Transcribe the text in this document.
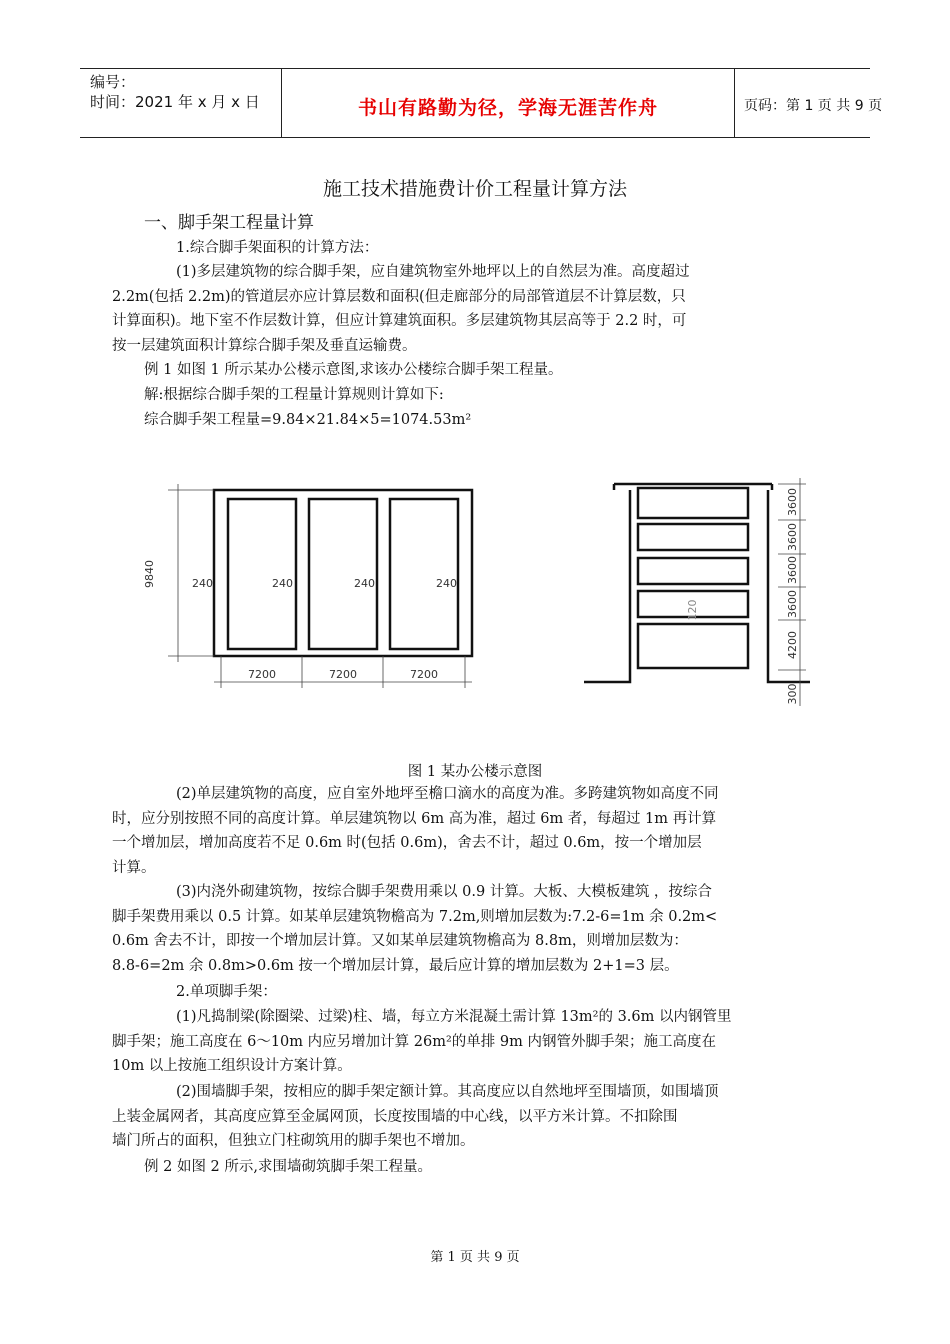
编号：
时间：2021 年 x 月 x 日	书山有路勤为径，学海无涯苦作舟	页码：第 1 页 共 9 页
施工技术措施费计价工程量计算方法
一、脚手架工程量计算

1.综合脚手架面积的计算方法：

(1)多层建筑物的综合脚手架，应自建筑物室外地坪以上的自然层为准。高度超过
2.2m(包括 2.2m)的管道层亦应计算层数和面积(但走廊部分的局部管道层不计算层数，只
计算面积)。地下室不作层数计算，但应计算建筑面积。多层建筑物其层高等于 2.2 时，可
按一层建筑面积计算综合脚手架及垂直运输费。

例 1 如图 1 所示某办公楼示意图,求该办公楼综合脚手架工程量。

解:根据综合脚手架的工程量计算规则计算如下:

综合脚手架工程量=9.84×21.84×5=1074.53m²

9840	240	240	240	240
7200	7200	7200
3600
3600
3600
3600
4200
300
120
图 1 某办公楼示意图

(2)单层建筑物的高度，应自室外地坪至檐口滴水的高度为准。多跨建筑物如高度不同
时，应分别按照不同的高度计算。单层建筑物以 6m 高为准，超过 6m 者，每超过 1m 再计算
一个增加层，增加高度若不足 0.6m 时(包括 0.6m)，舍去不计，超过 0.6m，按一个增加层
计算。

(3)内浇外砌建筑物，按综合脚手架费用乘以 0.9 计算。大板、大模板建筑 ，按综合
脚手架费用乘以 0.5 计算。如某单层建筑物檐高为 7.2m,则增加层数为:7.2-6=1m 余 0.2m<
0.6m 舍去不计，即按一个增加层计算。又如某单层建筑物檐高为 8.8m，则增加层数为：
8.8-6=2m 余 0.8m>0.6m 按一个增加层计算，最后应计算的增加层数为 2+1=3 层。

2.单项脚手架：

(1)凡捣制梁(除圈梁、过梁)柱、墙，每立方米混凝土需计算 13m²的 3.6m 以内钢管里
脚手架；施工高度在 6～10m 内应另增加计算 26m²的单排 9m 内钢管外脚手架；施工高度在
10m 以上按施工组织设计方案计算。

(2)围墙脚手架，按相应的脚手架定额计算。其高度应以自然地坪至围墙顶，如围墙顶
上装金属网者，其高度应算至金属网顶，长度按围墙的中心线，以平方米计算。不扣除围
墙门所占的面积，但独立门柱砌筑用的脚手架也不增加。

例 2 如图 2 所示,求围墙砌筑脚手架工程量。

第 1 页 共 9 页
